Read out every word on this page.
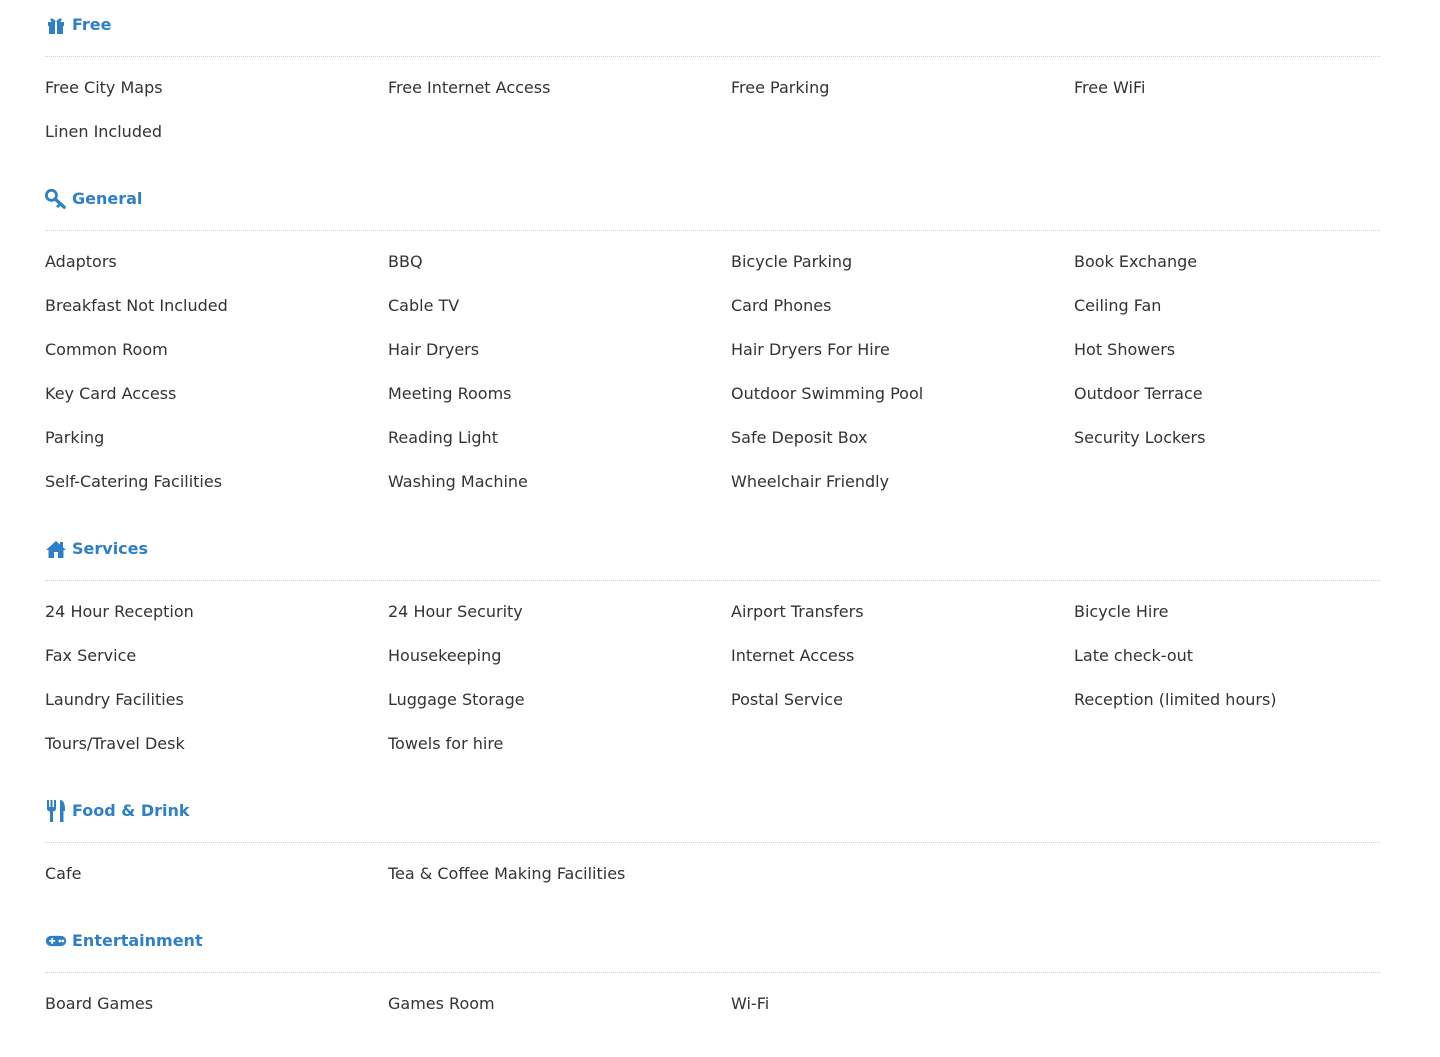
Free
Free City Maps	Free Internet Access	Free Parking	Free WiFi
Linen Included
General
Adaptors	BBQ	Bicycle Parking	Book Exchange
Breakfast Not Included	Cable TV	Card Phones	Ceiling Fan
Common Room	Hair Dryers	Hair Dryers For Hire	Hot Showers
Key Card Access	Meeting Rooms	Outdoor Swimming Pool	Outdoor Terrace
Parking	Reading Light	Safe Deposit Box	Security Lockers
Self-Catering Facilities	Washing Machine	Wheelchair Friendly
Services
24 Hour Reception	24 Hour Security	Airport Transfers	Bicycle Hire
Fax Service	Housekeeping	Internet Access	Late check-out
Laundry Facilities	Luggage Storage	Postal Service	Reception (limited hours)
Tours/Travel Desk	Towels for hire
Food & Drink
Cafe	Tea & Coffee Making Facilities
Entertainment
Board Games	Games Room	Wi-Fi
